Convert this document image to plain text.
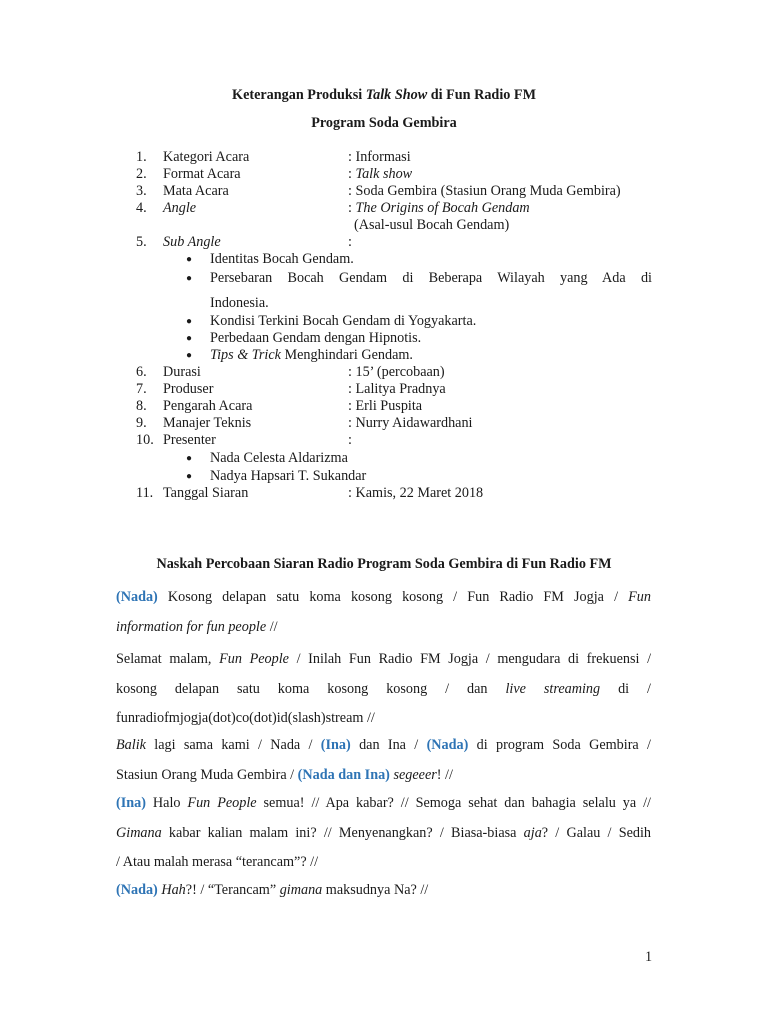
Keterangan Produksi Talk Show di Fun Radio FM

Program Soda Gembira

1.	Kategori Acara	: Informasi
2.	Format Acara	: Talk show
3.	Mata Acara	: Soda Gembira (Stasiun Orang Muda Gembira)
4.	Angle	: The Origins of Bocah Gendam
(Asal-usul Bocah Gendam)
5.	Sub Angle	:
● Identitas Bocah Gendam.
● Persebaran Bocah Gendam di Beberapa Wilayah yang Ada di
Indonesia.
● Kondisi Terkini Bocah Gendam di Yogyakarta.
● Perbedaan Gendam dengan Hipnotis.
● Tips & Trick Menghindari Gendam.
6.	Durasi	: 15’ (percobaan)
7.	Produser	: Lalitya Pradnya
8.	Pengarah Acara	: Erli Puspita
9.	Manajer Teknis	: Nurry Aidawardhani
10. Presenter	:
● Nada Celesta Aldarizma
● Nadya Hapsari T. Sukandar
11. Tanggal Siaran	: Kamis, 22 Maret 2018

Naskah Percobaan Siaran Radio Program Soda Gembira di Fun Radio FM

(Nada) Kosong delapan satu koma kosong kosong / Fun Radio FM Jogja / Fun
information for fun people //
Selamat malam, Fun People / Inilah Fun Radio FM Jogja / mengudara di frekuensi /
kosong delapan satu koma kosong kosong / dan live streaming di /
funradiofmjogja(dot)co(dot)id(slash)stream //
Balik lagi sama kami / Nada / (Ina) dan Ina / (Nada) di program Soda Gembira /
Stasiun Orang Muda Gembira / (Nada dan Ina) segeeer! //
(Ina) Halo Fun People semua! // Apa kabar? // Semoga sehat dan bahagia selalu ya //
Gimana kabar kalian malam ini? // Menyenangkan? / Biasa-biasa aja? / Galau / Sedih
/ Atau malah merasa “terancam”? //
(Nada) Hah?! / “Terancam” gimana maksudnya Na? //
1
